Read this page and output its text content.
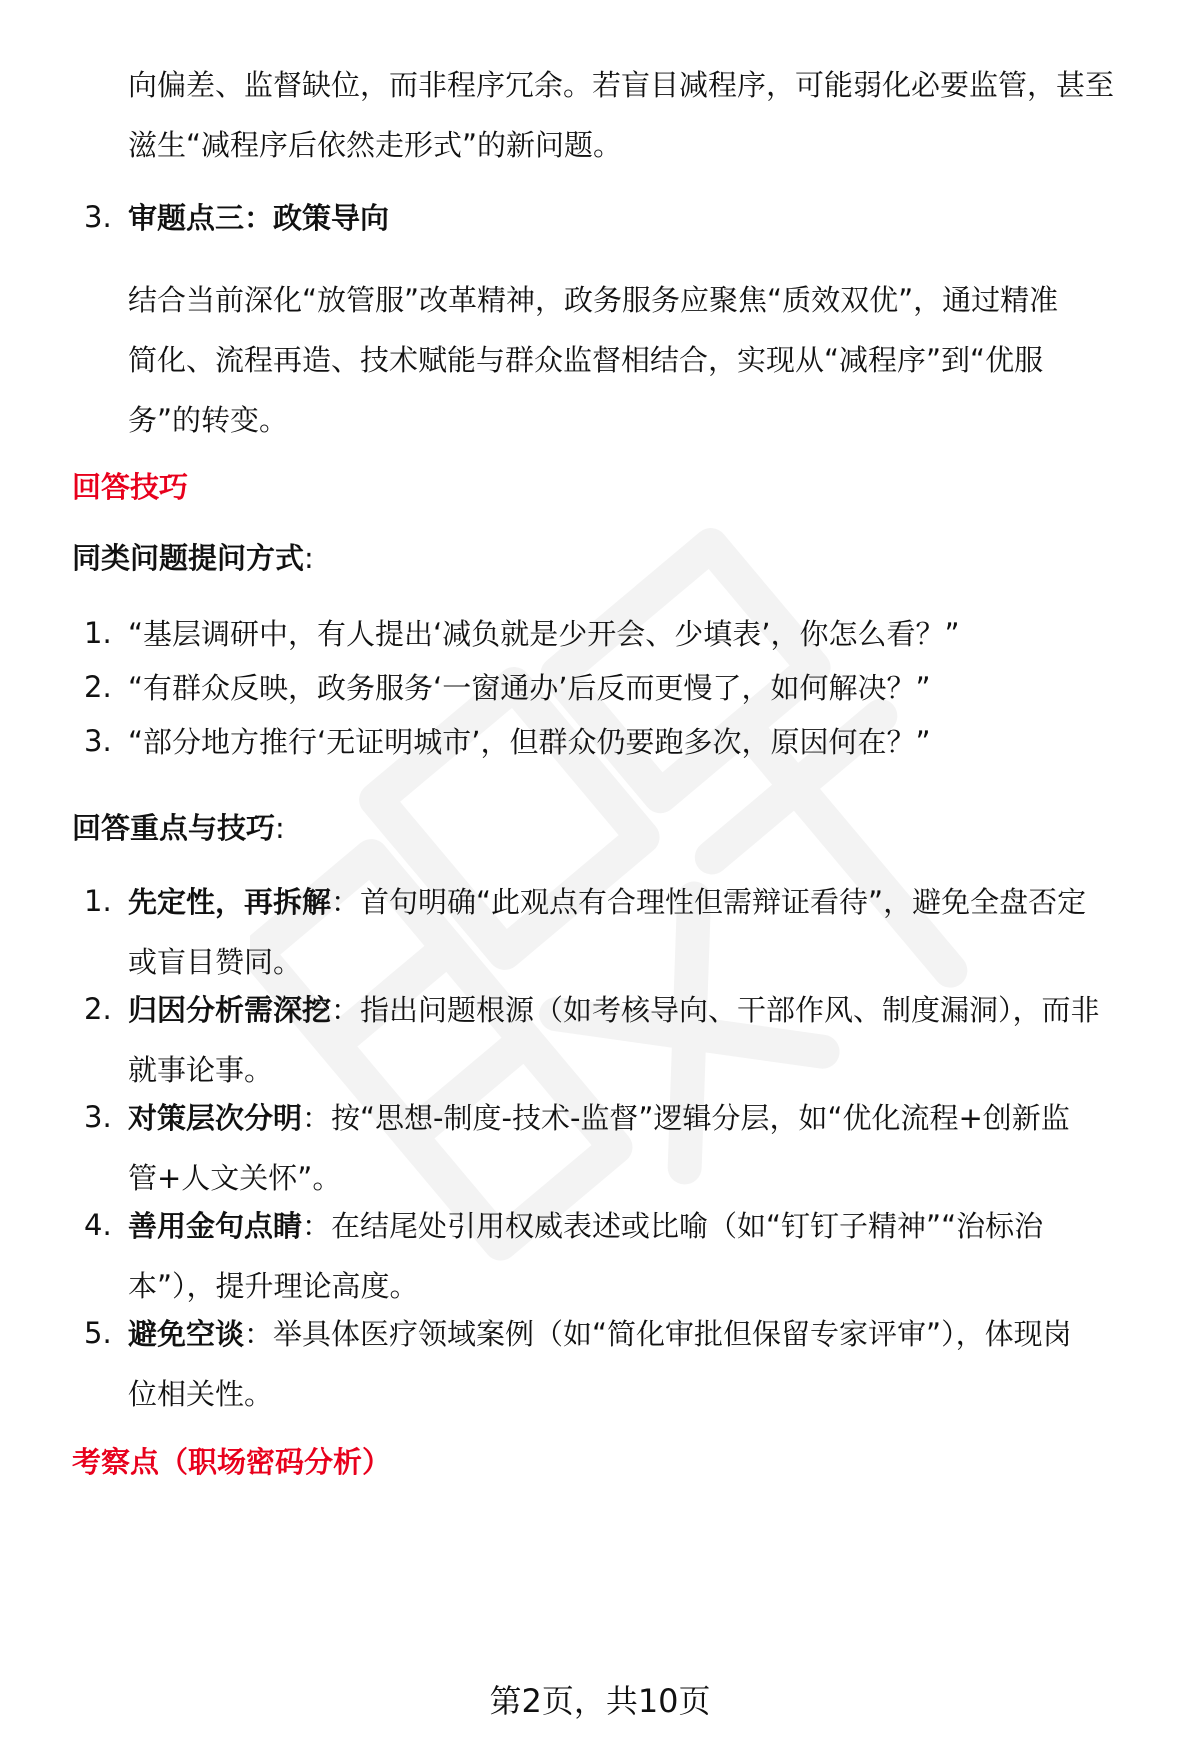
向偏差、监督缺位，而非程序冗余。若盲目减程序，可能弱化必要监管，甚至
滋生“减程序后依然走形式”的新问题。

3. 审题点三：政策导向

结合当前深化“放管服”改革精神，政务服务应聚焦“质效双优”，通过精准
简化、流程再造、技术赋能与群众监督相结合，实现从“减程序”到“优服
务”的转变。

回答技巧
同类问题提问方式:
1. “基层调研中，有人提出‘减负就是少开会、少填表’，你怎么看？”
2. “有群众反映，政务服务‘一窗通办’后反而更慢了，如何解决？”
3. “部分地方推行‘无证明城市’，但群众仍要跑多次，原因何在？”
回答重点与技巧:
1. 先定性，再拆解：首句明确“此观点有合理性但需辩证看待”，避免全盘否定
或盲目赞同。
2. 归因分析需深挖：指出问题根源（如考核导向、干部作风、制度漏洞），而非
就事论事。
3. 对策层次分明：按“思想-制度-技术-监督”逻辑分层，如“优化流程+创新监
管+人文关怀”。
4. 善用金句点睛：在结尾处引用权威表述或比喻（如“钉钉子精神”“治标治
本”），提升理论高度。
5. 避免空谈：举具体医疗领域案例（如“简化审批但保留专家评审”），体现岗
位相关性。
考察点（职场密码分析）
第2页，共10页
